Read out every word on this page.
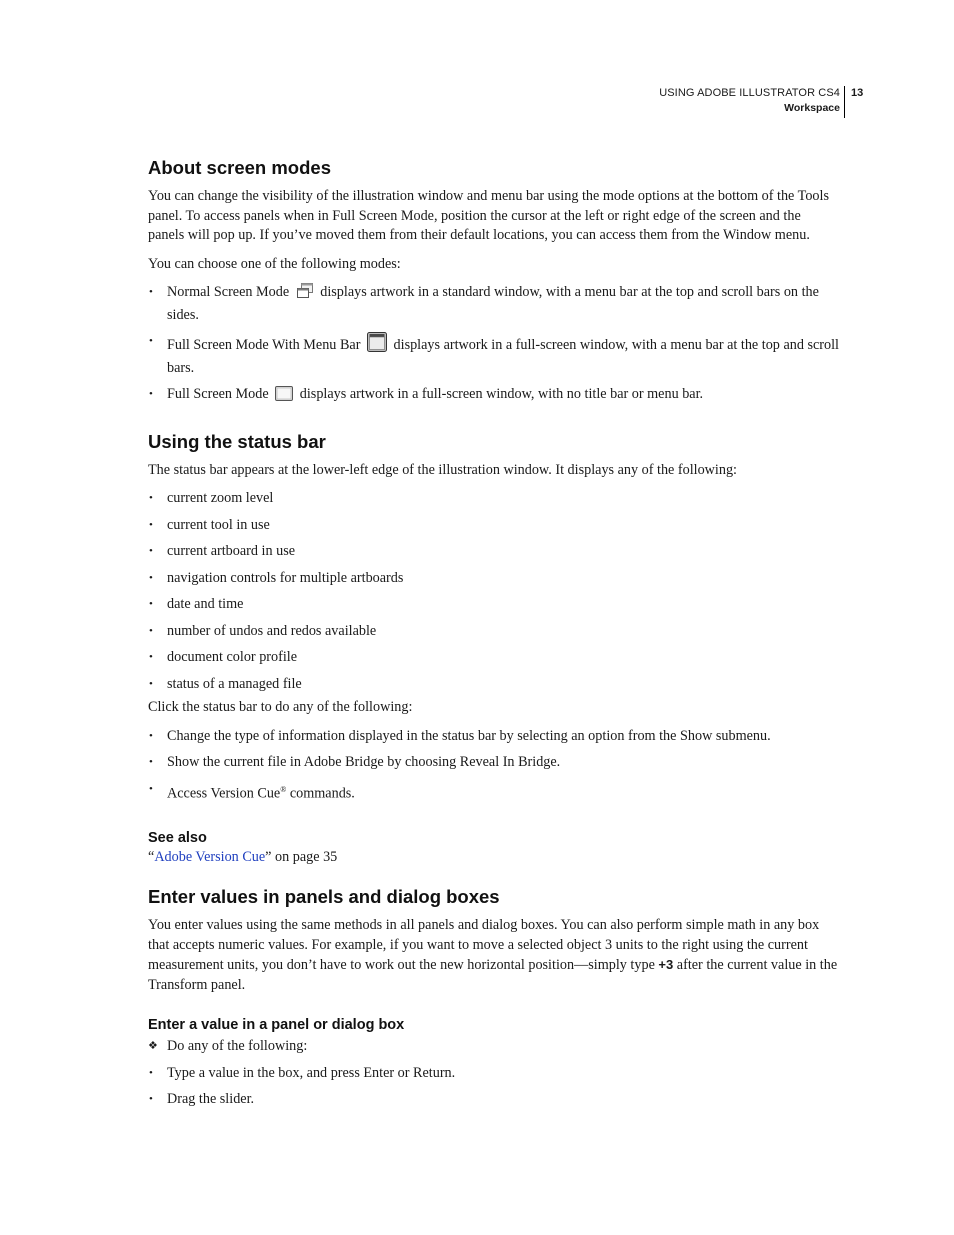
USING ADOBE ILLUSTRATOR CS4
Workspace
13
About screen modes

You can change the visibility of the illustration window and menu bar using the mode options at the bottom of the Tools panel. To access panels when in Full Screen Mode, position the cursor at the left or right edge of the screen and the panels will pop up. If you’ve moved them from their default locations, you can access them from the Window menu.

You can choose one of the following modes:

• Normal Screen Mode displays artwork in a standard window, with a menu bar at the top and scroll bars on the sides.
• Full Screen Mode With Menu Bar displays artwork in a full-screen window, with a menu bar at the top and scroll bars.
• Full Screen Mode displays artwork in a full-screen window, with no title bar or menu bar.
Using the status bar

The status bar appears at the lower-left edge of the illustration window. It displays any of the following:

• current zoom level
• current tool in use
• current artboard in use
• navigation controls for multiple artboards
• date and time
• number of undos and redos available
• document color profile
• status of a managed file

Click the status bar to do any of the following:

• Change the type of information displayed in the status bar by selecting an option from the Show submenu.
• Show the current file in Adobe Bridge by choosing Reveal In Bridge.
• Access Version Cue® commands.
See also

“Adobe Version Cue” on page 35

Enter values in panels and dialog boxes

You enter values using the same methods in all panels and dialog boxes. You can also perform simple math in any box that accepts numeric values. For example, if you want to move a selected object 3 units to the right using the current measurement units, you don’t have to work out the new horizontal position—simply type +3 after the current value in the Transform panel.

Enter a value in a panel or dialog box
❖ Do any of the following:
• Type a value in the box, and press Enter or Return.
• Drag the slider.
